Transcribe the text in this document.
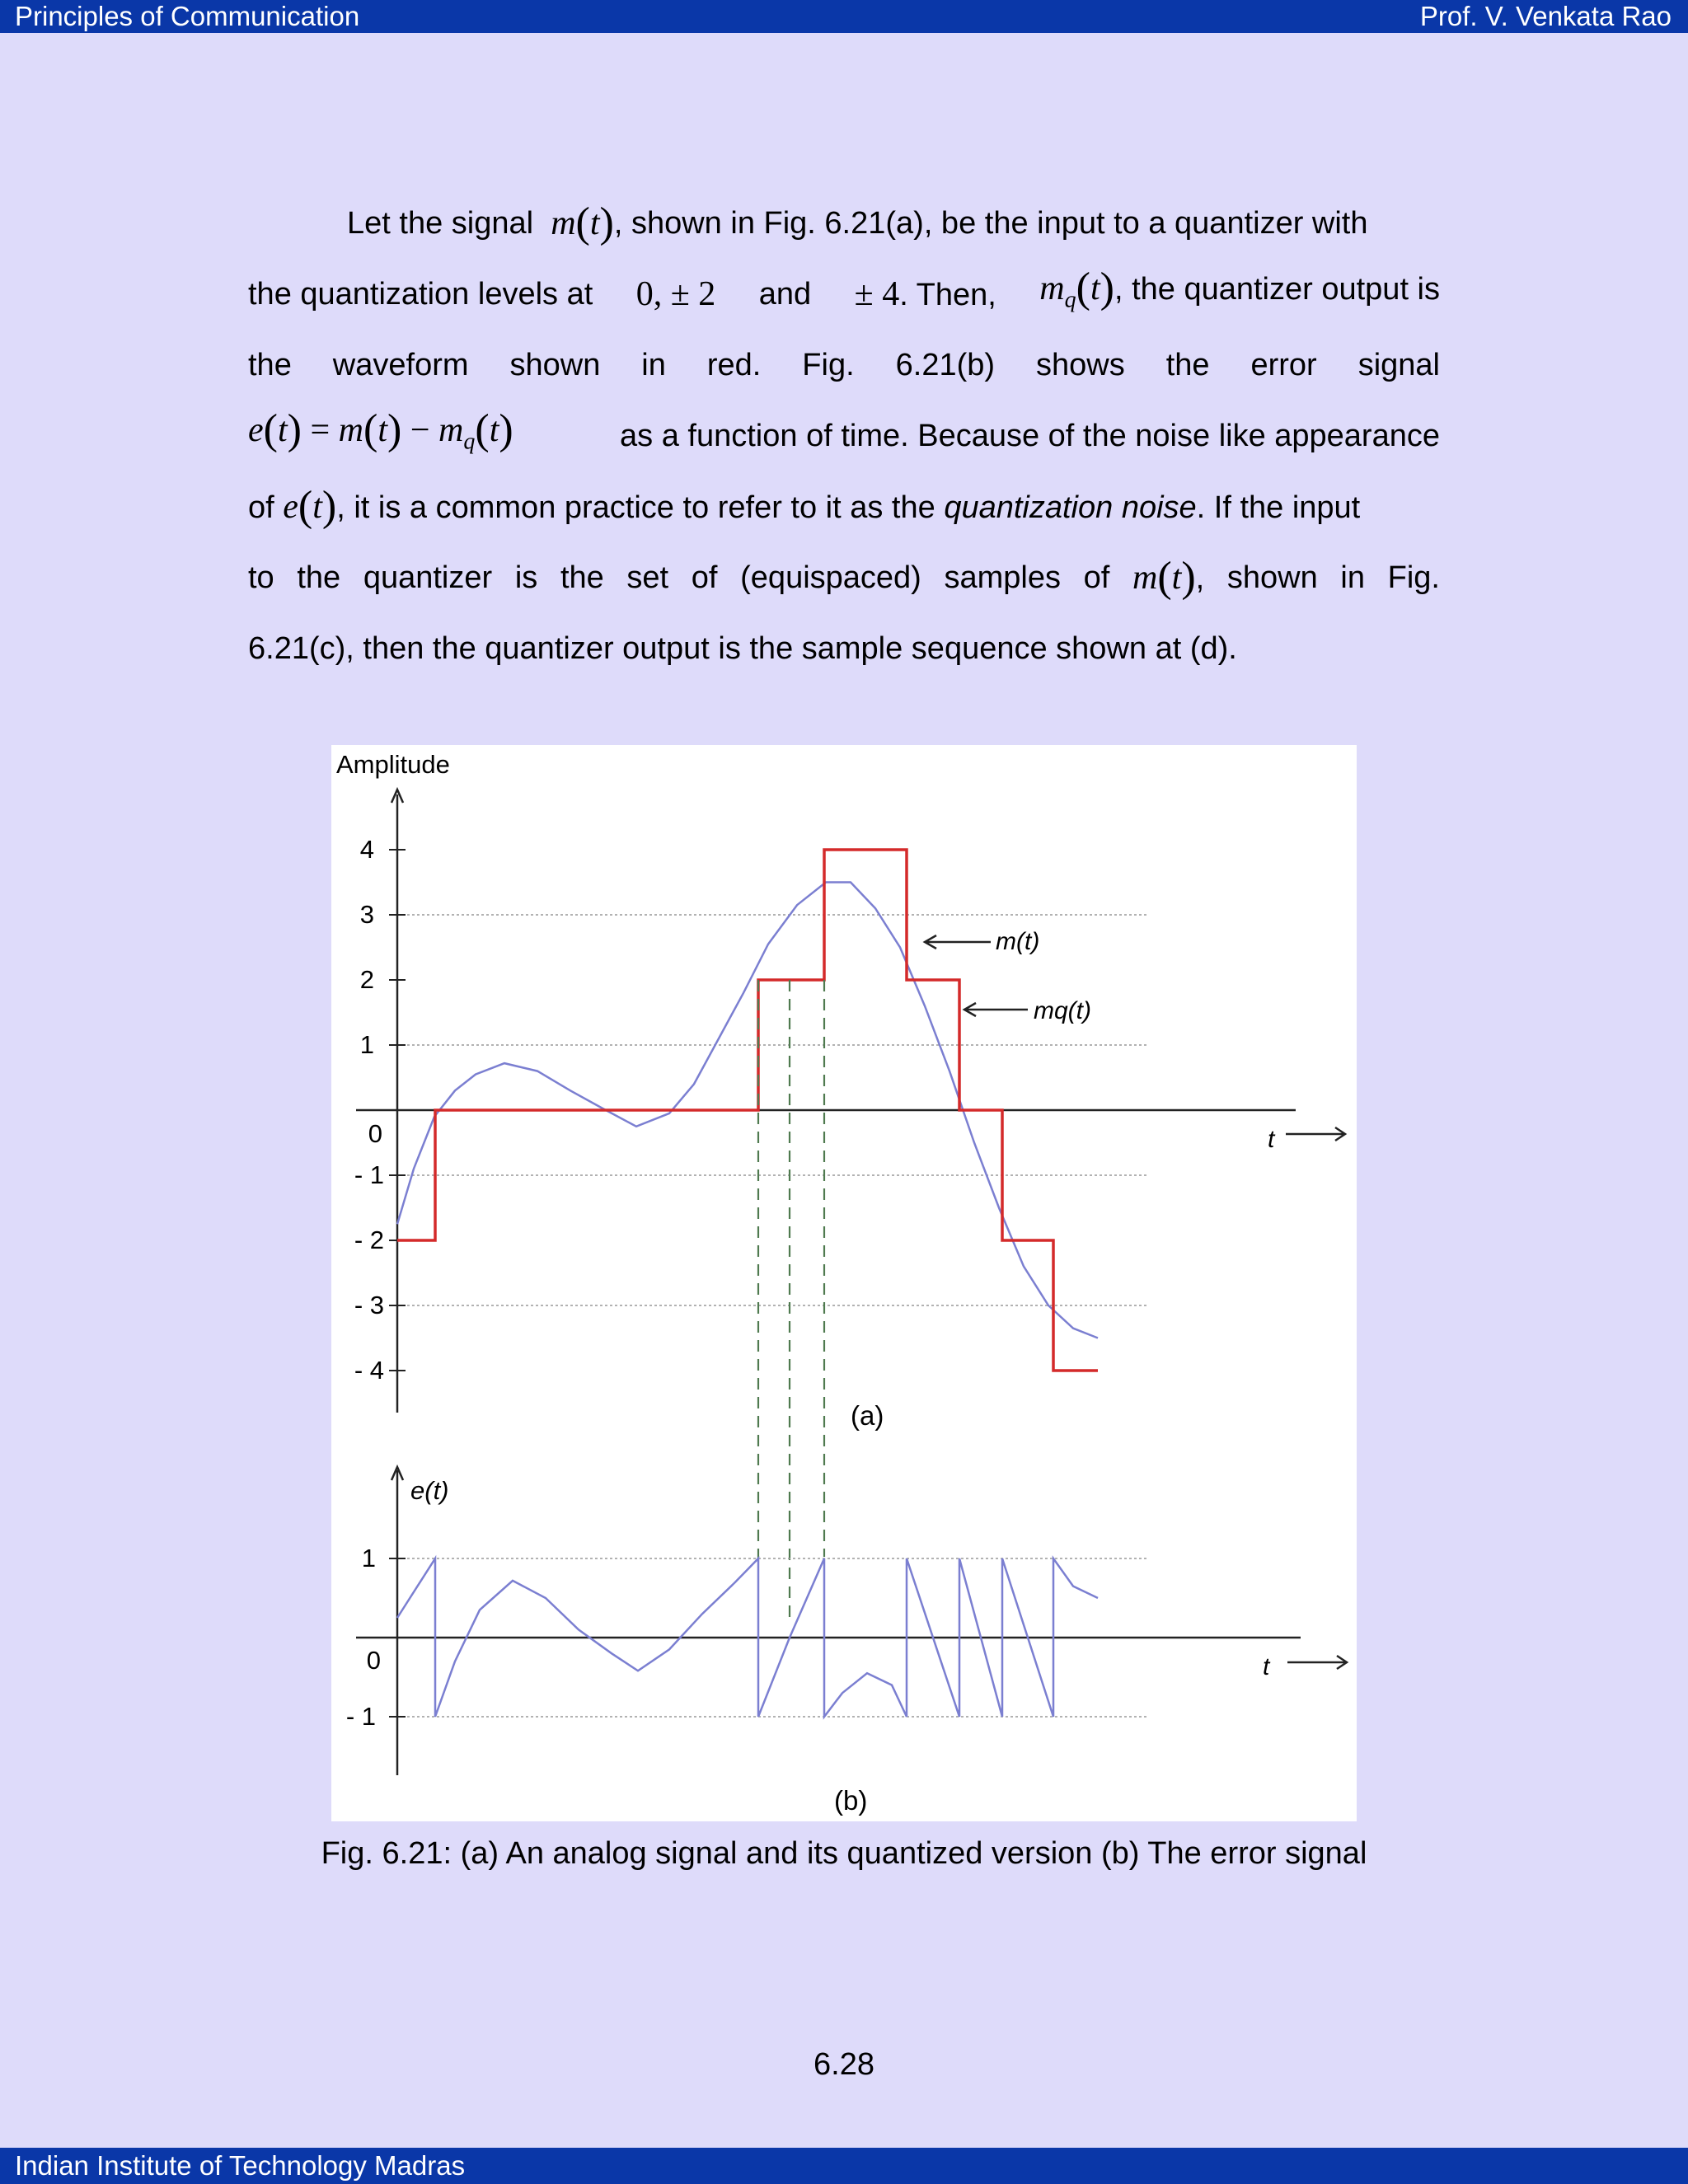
Principles of Communication	Prof. V. Venkata Rao
Let the signal
m(t) , shown in Fig. 6.21(a), be the input to a quantizer with
the quantization levels at 0, ± 2 and ± 4. Then, $m_q(t)$, the quantizer output is
the waveform shown in red. Fig. 6.21(b) shows the error signal
$e(t) = m(t) - m_q(t)$	as a function of time. Because of the noise like appearance
of e(t), it is a common practice to refer to it as the quantization noise. If the input
to the quantizer is the set of (equispaced) samples of m(t), shown in Fig.
6.21(c), then the quantizer output is the sample sequence shown at (d).
Amplitude
4
3
2
1
0
- 1
- 2
- 3
- 4
t
m(t)
mq(t)
(a)
e(t)
1
0
- 1
t
(b)
Fig. 6.21: (a) An analog signal and its quantized version (b) The error signal
6.28
Indian Institute of Technology Madras
